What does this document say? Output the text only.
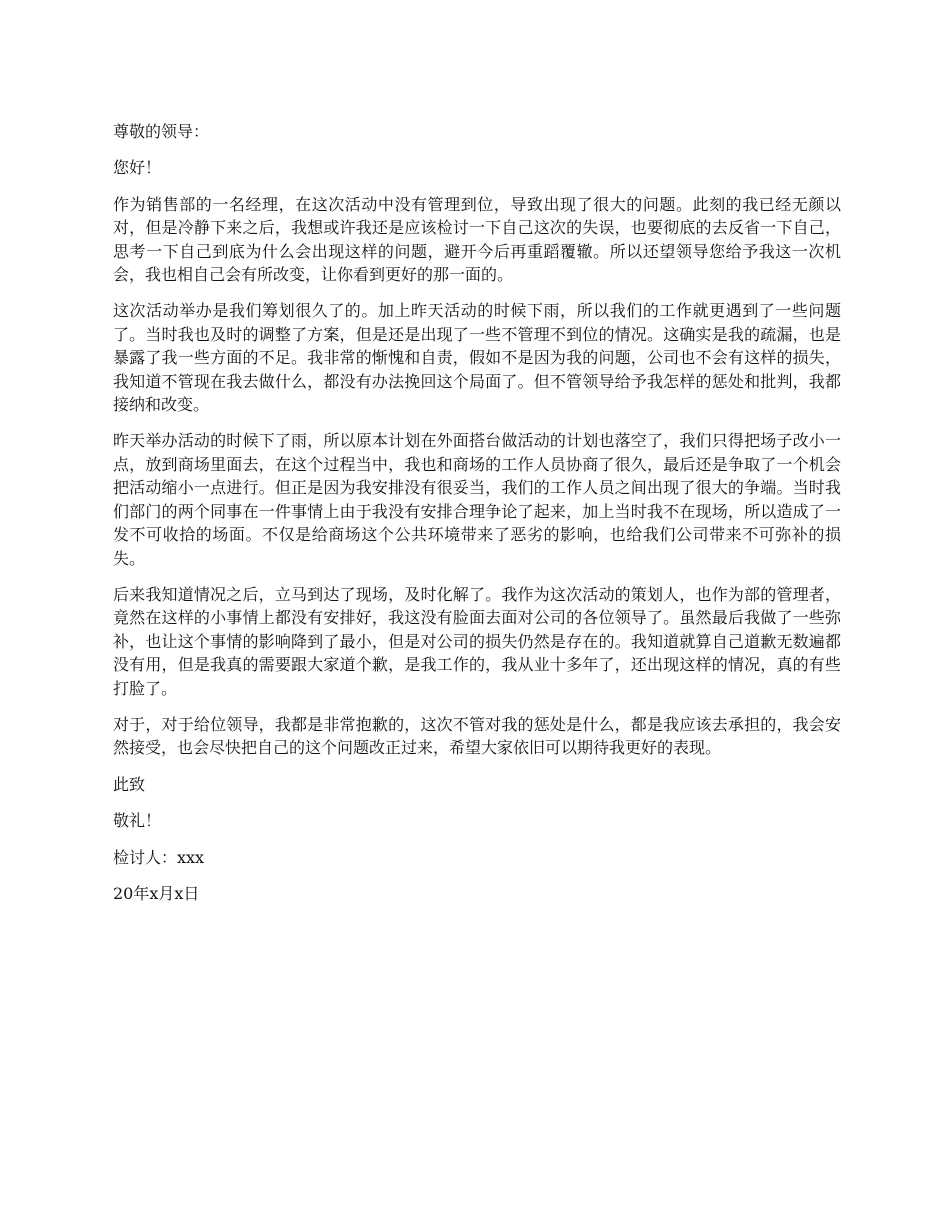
尊敬的领导：

您好！

作为销售部的一名经理，在这次活动中没有管理到位，导致出现了很大的问题。此刻的我已经无颜以对，但是冷静下来之后，我想或许我还是应该检讨一下自己这次的失误，也要彻底的去反省一下自己，思考一下自己到底为什么会出现这样的问题，避开今后再重蹈覆辙。所以还望领导您给予我这一次机会，我也相自己会有所改变，让你看到更好的那一面的。

这次活动举办是我们筹划很久了的。加上昨天活动的时候下雨，所以我们的工作就更遇到了一些问题了。当时我也及时的调整了方案，但是还是出现了一些不管理不到位的情况。这确实是我的疏漏，也是暴露了我一些方面的不足。我非常的惭愧和自责，假如不是因为我的问题，公司也不会有这样的损失，我知道不管现在我去做什么，都没有办法挽回这个局面了。但不管领导给予我怎样的惩处和批判，我都接纳和改变。

昨天举办活动的时候下了雨，所以原本计划在外面搭台做活动的计划也落空了，我们只得把场子改小一点，放到商场里面去，在这个过程当中，我也和商场的工作人员协商了很久，最后还是争取了一个机会把活动缩小一点进行。但正是因为我安排没有很妥当，我们的工作人员之间出现了很大的争端。当时我们部门的两个同事在一件事情上由于我没有安排合理争论了起来，加上当时我不在现场，所以造成了一发不可收拾的场面。不仅是给商场这个公共环境带来了恶劣的影响，也给我们公司带来不可弥补的损失。

后来我知道情况之后，立马到达了现场，及时化解了。我作为这次活动的策划人，也作为部的管理者，竟然在这样的小事情上都没有安排好，我这没有脸面去面对公司的各位领导了。虽然最后我做了一些弥补，也让这个事情的影响降到了最小，但是对公司的损失仍然是存在的。我知道就算自己道歉无数遍都没有用，但是我真的需要跟大家道个歉，是我工作的，我从业十多年了，还出现这样的情况，真的有些打脸了。

对于，对于给位领导，我都是非常抱歉的，这次不管对我的惩处是什么，都是我应该去承担的，我会安然接受，也会尽快把自己的这个问题改正过来，希望大家依旧可以期待我更好的表现。

此致

敬礼！

检讨人：xxx

20年x月x日
